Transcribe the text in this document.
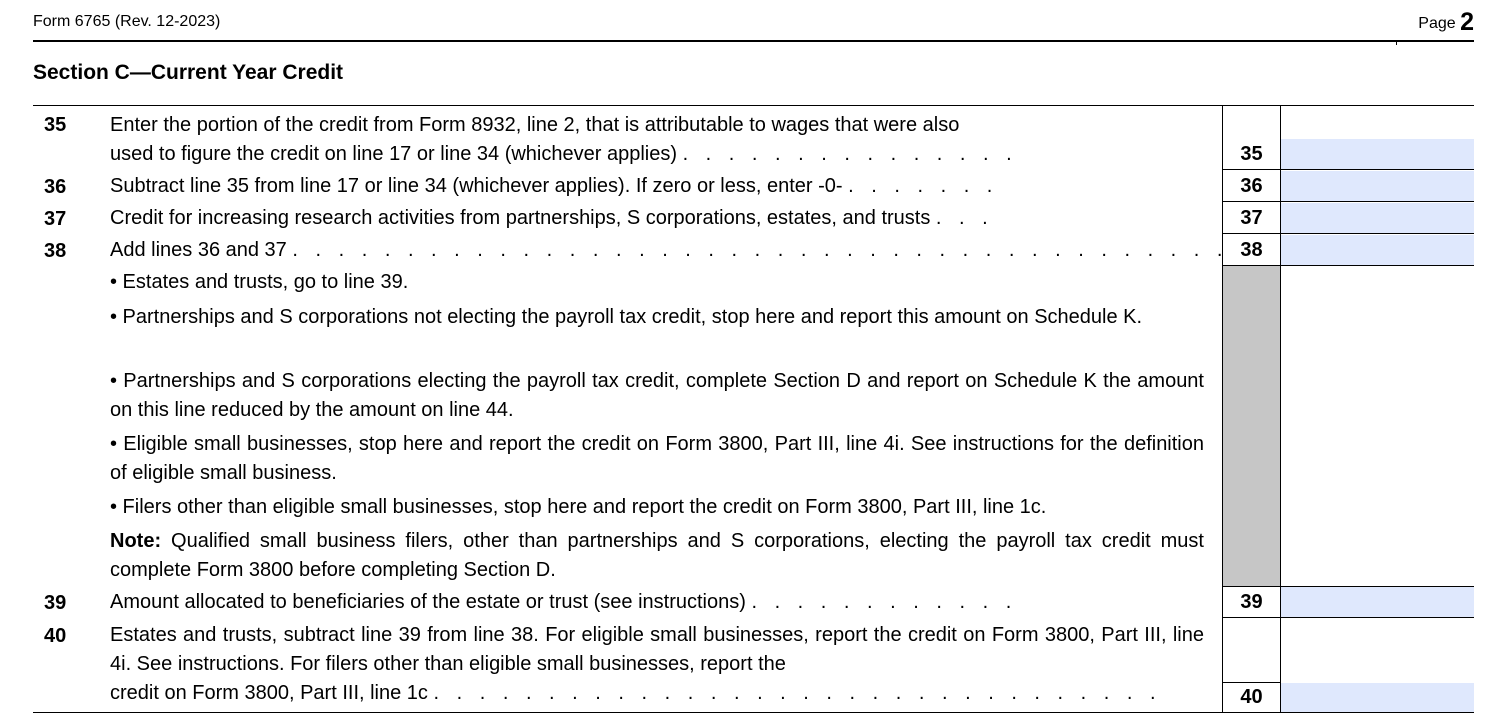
Form 6765 (Rev. 12-2023)	Page 2
Section C—Current Year Credit
35 Enter the portion of the credit from Form 8932, line 2, that is attributable to wages that were also
used to figure the credit on line 17 or line 34 (whichever applies) . . . . . . . . . . . . . . .	35
36 Subtract line 35 from line 17 or line 34 (whichever applies). If zero or less, enter -0- . . . . . . .	36
37 Credit for increasing research activities from partnerships, S corporations, estates, and trusts . . .	37
38 Add lines 36 and 37 . . . . . . . . . . . . . . . . . . . . . . . . . . . . . . . . . . . . . . . . . 38
• Estates and trusts, go to line 39.
• Partnerships and S corporations not electing the payroll tax credit, stop here and report this amount on Schedule K.
• Partnerships and S corporations electing the payroll tax credit, complete Section D and report on Schedule K the amount on this line reduced by the amount on line 44.
• Eligible small businesses, stop here and report the credit on Form 3800, Part III, line 4i. See instructions for the definition of eligible small business.
• Filers other than eligible small businesses, stop here and report the credit on Form 3800, Part III, line 1c.
Note: Qualified small business filers, other than partnerships and S corporations, electing the payroll tax credit must complete Form 3800 before completing Section D.
39 Amount allocated to beneficiaries of the estate or trust (see instructions) . . . . . . . . . . . .	39
40 Estates and trusts, subtract line 39 from line 38. For eligible small businesses, report the credit on Form 3800, Part III, line 4i. See instructions. For filers other than eligible small businesses, report the
credit on Form 3800, Part III, line 1c . . . . . . . . . . . . . . . . . . . . . . . . . . . . . . . .	40
